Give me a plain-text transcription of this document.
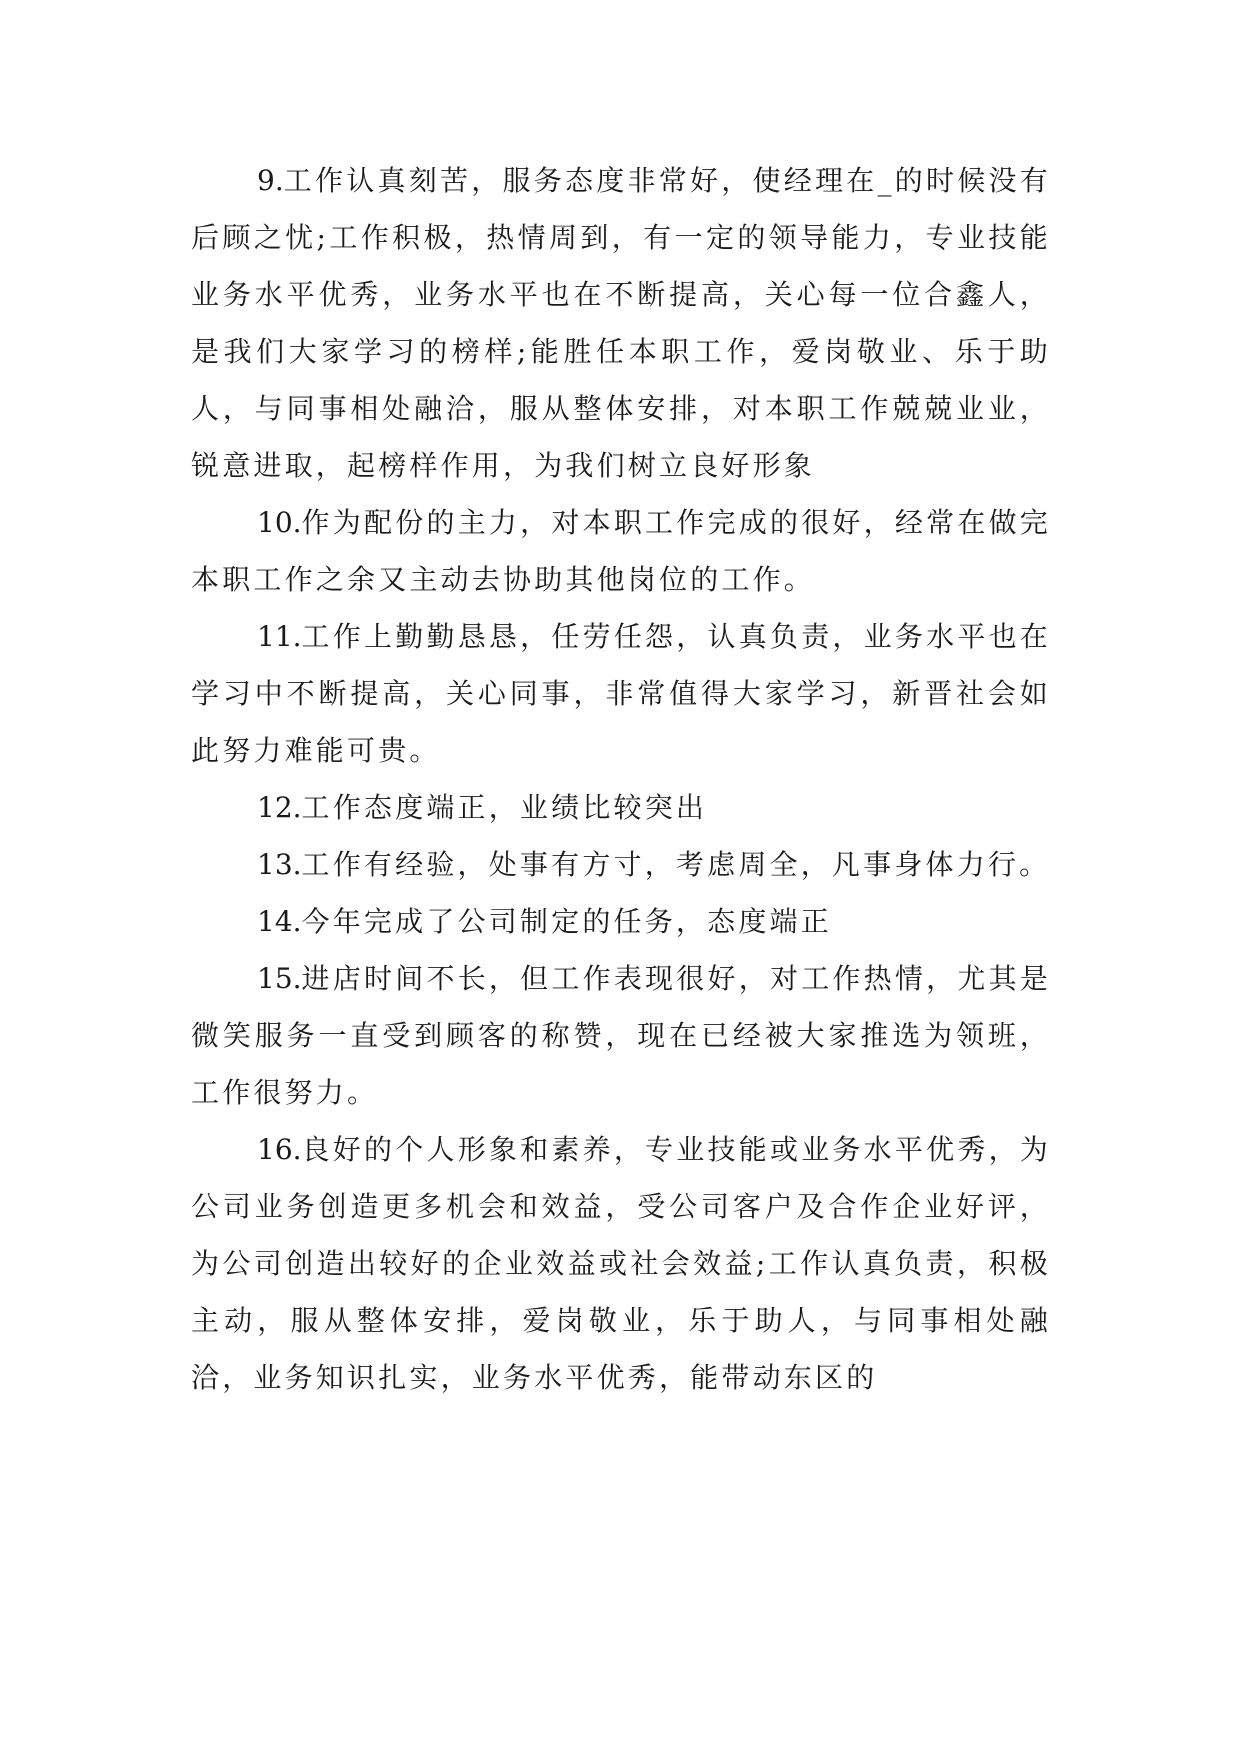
9.工作认真刻苦，服务态度非常好，使经理在_的时候没有后顾之忧;工作积极，热情周到，有一定的领导能力，专业技能业务水平优秀，业务水平也在不断提高，关心每一位合鑫人，是我们大家学习的榜样;能胜任本职工作，爱岗敬业、乐于助人，与同事相处融洽，服从整体安排，对本职工作兢兢业业，锐意进取，起榜样作用，为我们树立良好形象

10.作为配份的主力，对本职工作完成的很好，经常在做完本职工作之余又主动去协助其他岗位的工作。

11.工作上勤勤恳恳，任劳任怨，认真负责，业务水平也在学习中不断提高，关心同事，非常值得大家学习，新晋社会如此努力难能可贵。

12.工作态度端正，业绩比较突出

13.工作有经验，处事有方寸，考虑周全，凡事身体力行。

14.今年完成了公司制定的任务，态度端正

15.进店时间不长，但工作表现很好，对工作热情，尤其是微笑服务一直受到顾客的称赞，现在已经被大家推选为领班，工作很努力。

16.良好的个人形象和素养，专业技能或业务水平优秀，为公司业务创造更多机会和效益，受公司客户及合作企业好评，为公司创造出较好的企业效益或社会效益;工作认真负责，积极主动，服从整体安排，爱岗敬业，乐于助人，与同事相处融洽，业务知识扎实，业务水平优秀，能带动东区的
